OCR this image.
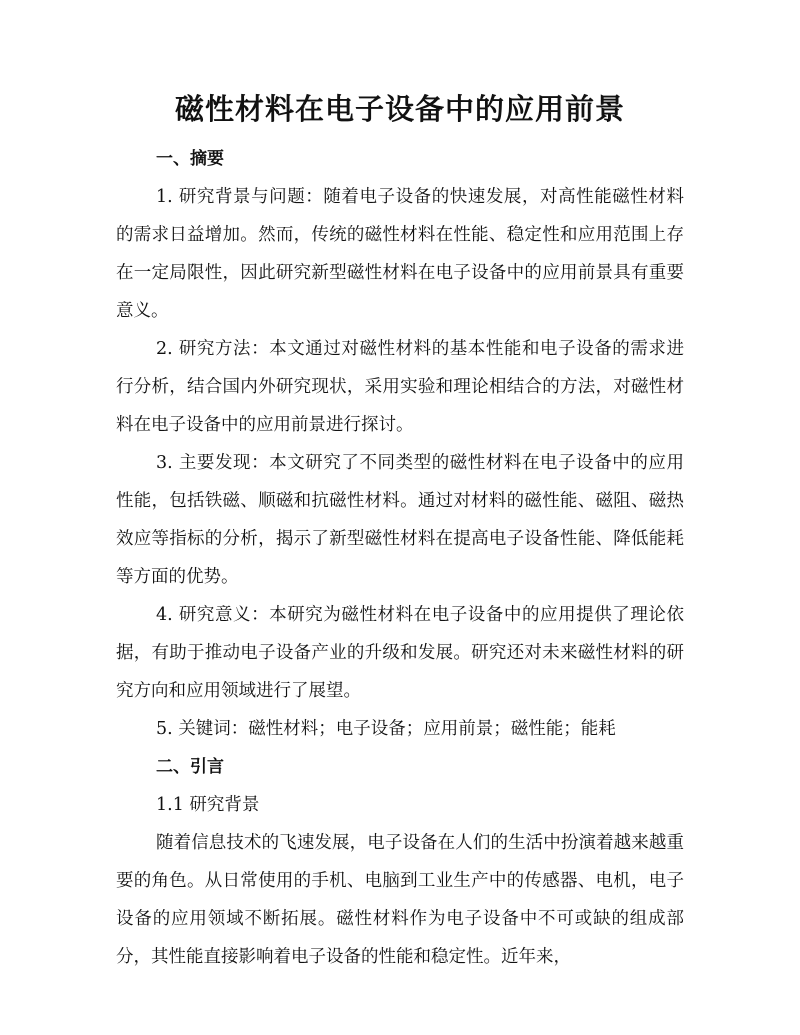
磁性材料在电子设备中的应用前景
一、摘要

1. 研究背景与问题：随着电子设备的快速发展，对高性能磁性材料的需求日益增加。然而，传统的磁性材料在性能、稳定性和应用范围上存在一定局限性，因此研究新型磁性材料在电子设备中的应用前景具有重要意义。

2. 研究方法：本文通过对磁性材料的基本性能和电子设备的需求进行分析，结合国内外研究现状，采用实验和理论相结合的方法，对磁性材料在电子设备中的应用前景进行探讨。

3. 主要发现：本文研究了不同类型的磁性材料在电子设备中的应用性能，包括铁磁、顺磁和抗磁性材料。通过对材料的磁性能、磁阻、磁热效应等指标的分析，揭示了新型磁性材料在提高电子设备性能、降低能耗等方面的优势。

4. 研究意义：本研究为磁性材料在电子设备中的应用提供了理论依据，有助于推动电子设备产业的升级和发展。研究还对未来磁性材料的研究方向和应用领域进行了展望。

5. 关键词：磁性材料；电子设备；应用前景；磁性能；能耗

二、引言

1.1 研究背景

随着信息技术的飞速发展，电子设备在人们的生活中扮演着越来越重要的角色。从日常使用的手机、电脑到工业生产中的传感器、电机，电子设备的应用领域不断拓展。磁性材料作为电子设备中不可或缺的组成部分，其性能直接影响着电子设备的性能和稳定性。近年来，
